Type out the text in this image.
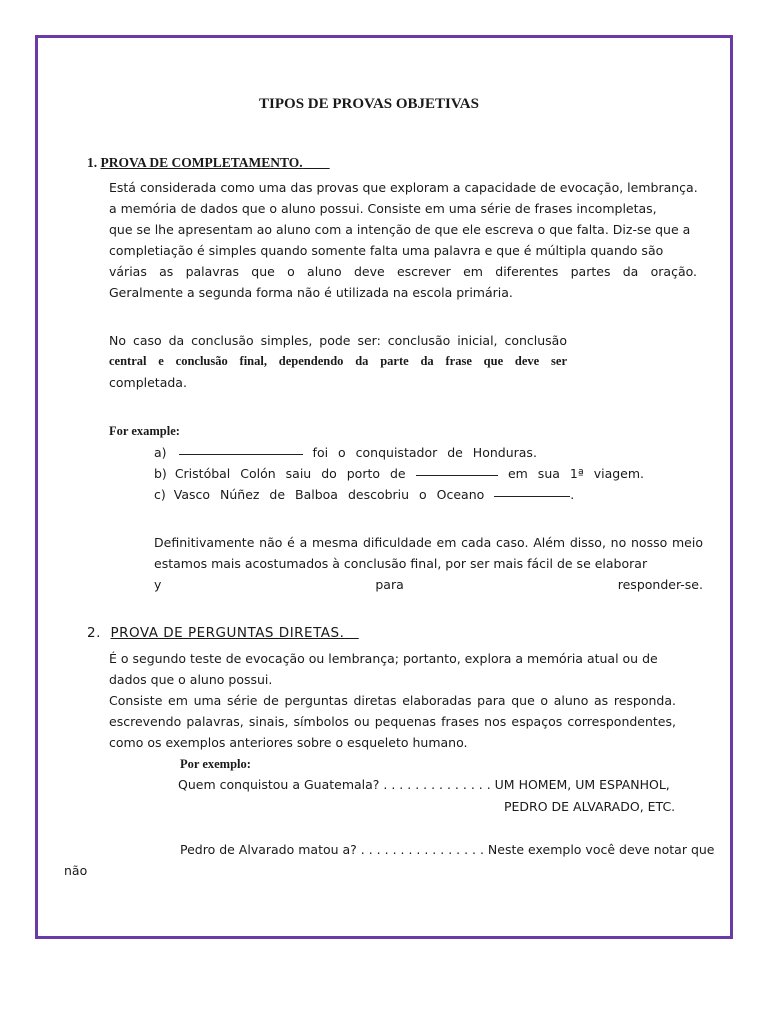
TIPOS DE PROVAS OBJETIVAS
1. PROVA DE COMPLETAMENTO.
Está considerada como uma das provas que exploram a capacidade de evocação, lembrança.
a memória de dados que o aluno possui. Consiste em uma série de frases incompletas,
que se lhe apresentam ao aluno com a intenção de que ele escreva o que falta. Diz-se que a
completiação é simples quando somente falta uma palavra e que é múltipla quando são
várias as palavras que o aluno deve escrever em diferentes partes da oração.
Geralmente a segunda forma não é utilizada na escola primária.
No caso da conclusão simples, pode ser: conclusão inicial, conclusão
central e conclusão final, dependendo da parte da frase que deve ser
completada.
For example:
a)	foi o conquistador de Honduras.
b) Cristóbal Colón saiu do porto de	em sua 1ª viagem.
c) Vasco Núñez de Balboa descobriu o Oceano	.
Definitivamente não é a mesma dificuldade em cada caso. Além disso, no nosso meio
estamos mais acostumados à conclusão final, por ser mais fácil de se elaborar
y	para	responder-se.
2. PROVA DE PERGUNTAS DIRETAS.
É o segundo teste de evocação ou lembrança; portanto, explora a memória atual ou de
dados que o aluno possui.
Consiste em uma série de perguntas diretas elaboradas para que o aluno as responda.
escrevendo palavras, sinais, símbolos ou pequenas frases nos espaços correspondentes,
como os exemplos anteriores sobre o esqueleto humano.
Por exemplo:
Quem conquistou a Guatemala? . . . . . . . . . . . . . . UM HOMEM, UM ESPANHOL,
PEDRO DE ALVARADO, ETC.
Pedro de Alvarado matou a? . . . . . . . . . . . . . . . . Neste exemplo você deve notar que
não
